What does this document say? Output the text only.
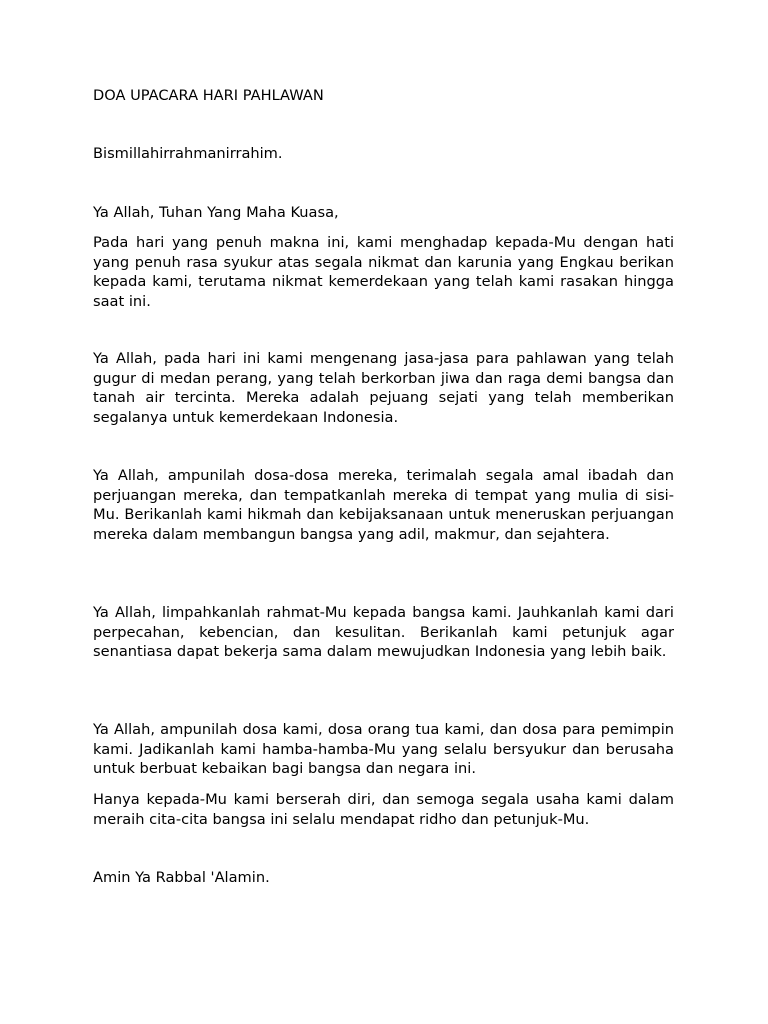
DOA UPACARA HARI PAHLAWAN

Bismillahirrahmanirrahim.

Ya Allah, Tuhan Yang Maha Kuasa,

Pada hari yang penuh makna ini, kami menghadap kepada-Mu dengan hati yang penuh rasa syukur atas segala nikmat dan karunia yang Engkau berikan kepada kami, terutama nikmat kemerdekaan yang telah kami rasakan hingga saat ini.

Ya Allah, pada hari ini kami mengenang jasa-jasa para pahlawan yang telah gugur di medan perang, yang telah berkorban jiwa dan raga demi bangsa dan tanah air tercinta. Mereka adalah pejuang sejati yang telah memberikan segalanya untuk kemerdekaan Indonesia.

Ya Allah, ampunilah dosa-dosa mereka, terimalah segala amal ibadah dan perjuangan mereka, dan tempatkanlah mereka di tempat yang mulia di sisi-Mu. Berikanlah kami hikmah dan kebijaksanaan untuk meneruskan perjuangan mereka dalam membangun bangsa yang adil, makmur, dan sejahtera.

Ya Allah, limpahkanlah rahmat-Mu kepada bangsa kami. Jauhkanlah kami dari perpecahan, kebencian, dan kesulitan. Berikanlah kami petunjuk agar senantiasa dapat bekerja sama dalam mewujudkan Indonesia yang lebih baik.

Ya Allah, ampunilah dosa kami, dosa orang tua kami, dan dosa para pemimpin kami. Jadikanlah kami hamba-hamba-Mu yang selalu bersyukur dan berusaha untuk berbuat kebaikan bagi bangsa dan negara ini.

Hanya kepada-Mu kami berserah diri, dan semoga segala usaha kami dalam meraih cita-cita bangsa ini selalu mendapat ridho dan petunjuk-Mu.

Amin Ya Rabbal 'Alamin.
